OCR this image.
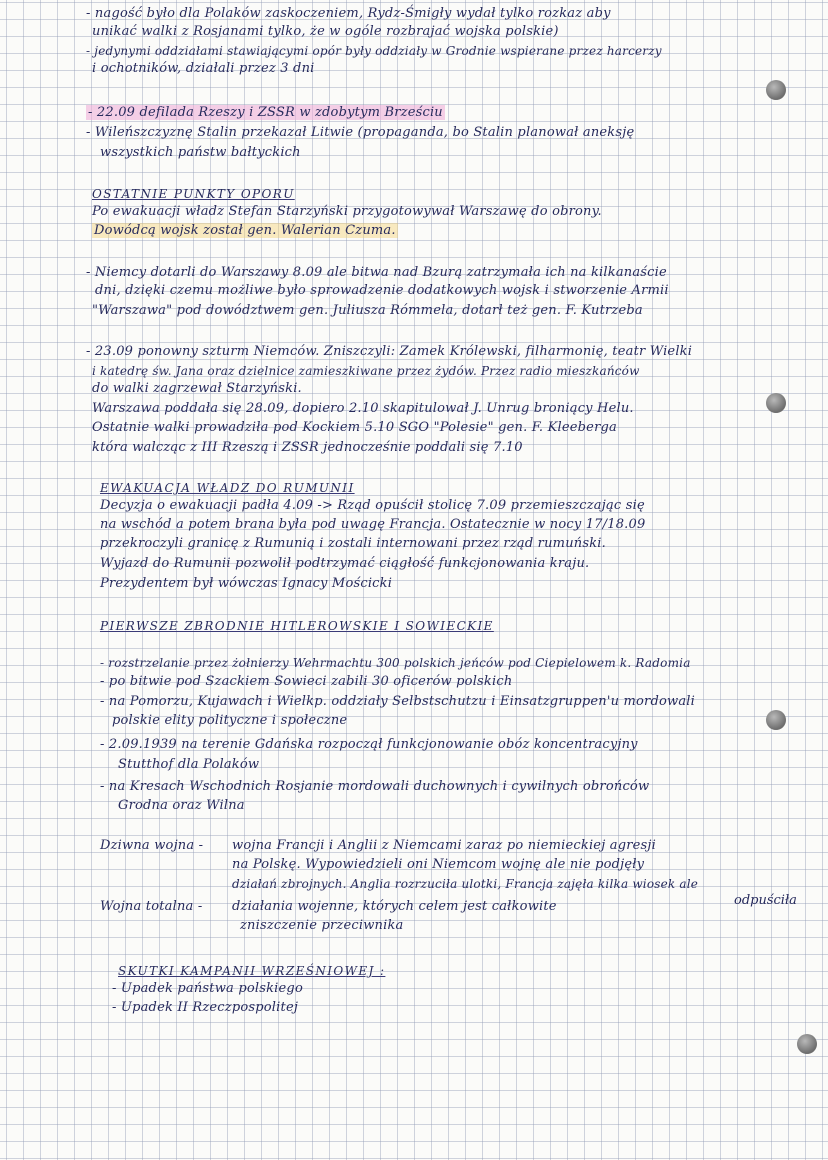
- nagość było dla Polaków zaskoczeniem, Rydz-Śmigły wydał tylko rozkaz aby
unikać walki z Rosjanami tylko, że w ogóle rozbrajać wojska polskie)
- jedynymi oddziałami stawiającymi opór były oddziały w Grodnie wspierane przez harcerzy
i ochotników, działali przez 3 dni
- 22.09 defilada Rzeszy i ZSSR w zdobytym Brześciu
- Wileńszczyznę Stalin przekazał Litwie (propaganda, bo Stalin planował aneksję
wszystkich państw bałtyckich
OSTATNIE PUNKTY OPORU
Po ewakuacji władz Stefan Starzyński przygotowywał Warszawę do obrony.
Dowódcą wojsk został gen. Walerian Czuma.
- Niemcy dotarli do Warszawy 8.09 ale bitwa nad Bzurą zatrzymała ich na kilkanaście
dni, dzięki czemu możliwe było sprowadzenie dodatkowych wojsk i stworzenie Armii
"Warszawa" pod dowództwem gen. Juliusza Rómmela, dotarł też gen. F. Kutrzeba
- 23.09 ponowny szturm Niemców. Zniszczyli: Zamek Królewski, filharmonię, teatr Wielki
i katedrę św. Jana oraz dzielnice zamieszkiwane przez żydów. Przez radio mieszkańców
do walki zagrzewał Starzyński.
Warszawa poddała się 28.09, dopiero 2.10 skapitulował J. Unrug broniący Helu.
Ostatnie walki prowadziła pod Kockiem 5.10 SGO "Polesie" gen. F. Kleeberga
która walcząc z III Rzeszą i ZSSR jednocześnie poddali się 7.10
EWAKUACJA WŁADZ DO RUMUNII
Decyzja o ewakuacji padła 4.09 -> Rząd opuścił stolicę 7.09 przemieszczając się
na wschód a potem brana była pod uwagę Francja. Ostatecznie w nocy 17/18.09
przekroczyli granicę z Rumunią i zostali internowani przez rząd rumuński.
Wyjazd do Rumunii pozwolił podtrzymać ciągłość funkcjonowania kraju.
Prezydentem był wówczas Ignacy Mościcki
PIERWSZE ZBRODNIE HITLEROWSKIE I SOWIECKIE
- rozstrzelanie przez żołnierzy Wehrmachtu 300 polskich jeńców pod Ciepielowem k. Radomia
- po bitwie pod Szackiem Sowieci zabili 30 oficerów polskich
- na Pomorzu, Kujawach i Wielkp. oddziały Selbstschutzu i Einsatzgruppen'u mordowali
polskie elity polityczne i społeczne
- 2.09.1939 na terenie Gdańska rozpoczął funkcjonowanie obóz koncentracyjny
Stutthof dla Polaków
- na Kresach Wschodnich Rosjanie mordowali duchownych i cywilnych obrońców
Grodna oraz Wilna
Dziwna wojna - wojna Francji i Anglii z Niemcami zaraz po niemieckiej agresji
na Polskę. Wypowiedzieli oni Niemcom wojnę ale nie podjęły
działań zbrojnych. Anglia rozrzuciła ulotki, Francja zajęła kilka wiosek ale
odpuściła
Wojna totalna - działania wojenne, których celem jest całkowite
zniszczenie przeciwnika
SKUTKI KAMPANII WRZEŚNIOWEJ :
- Upadek państwa polskiego
- Upadek II Rzeczpospolitej
